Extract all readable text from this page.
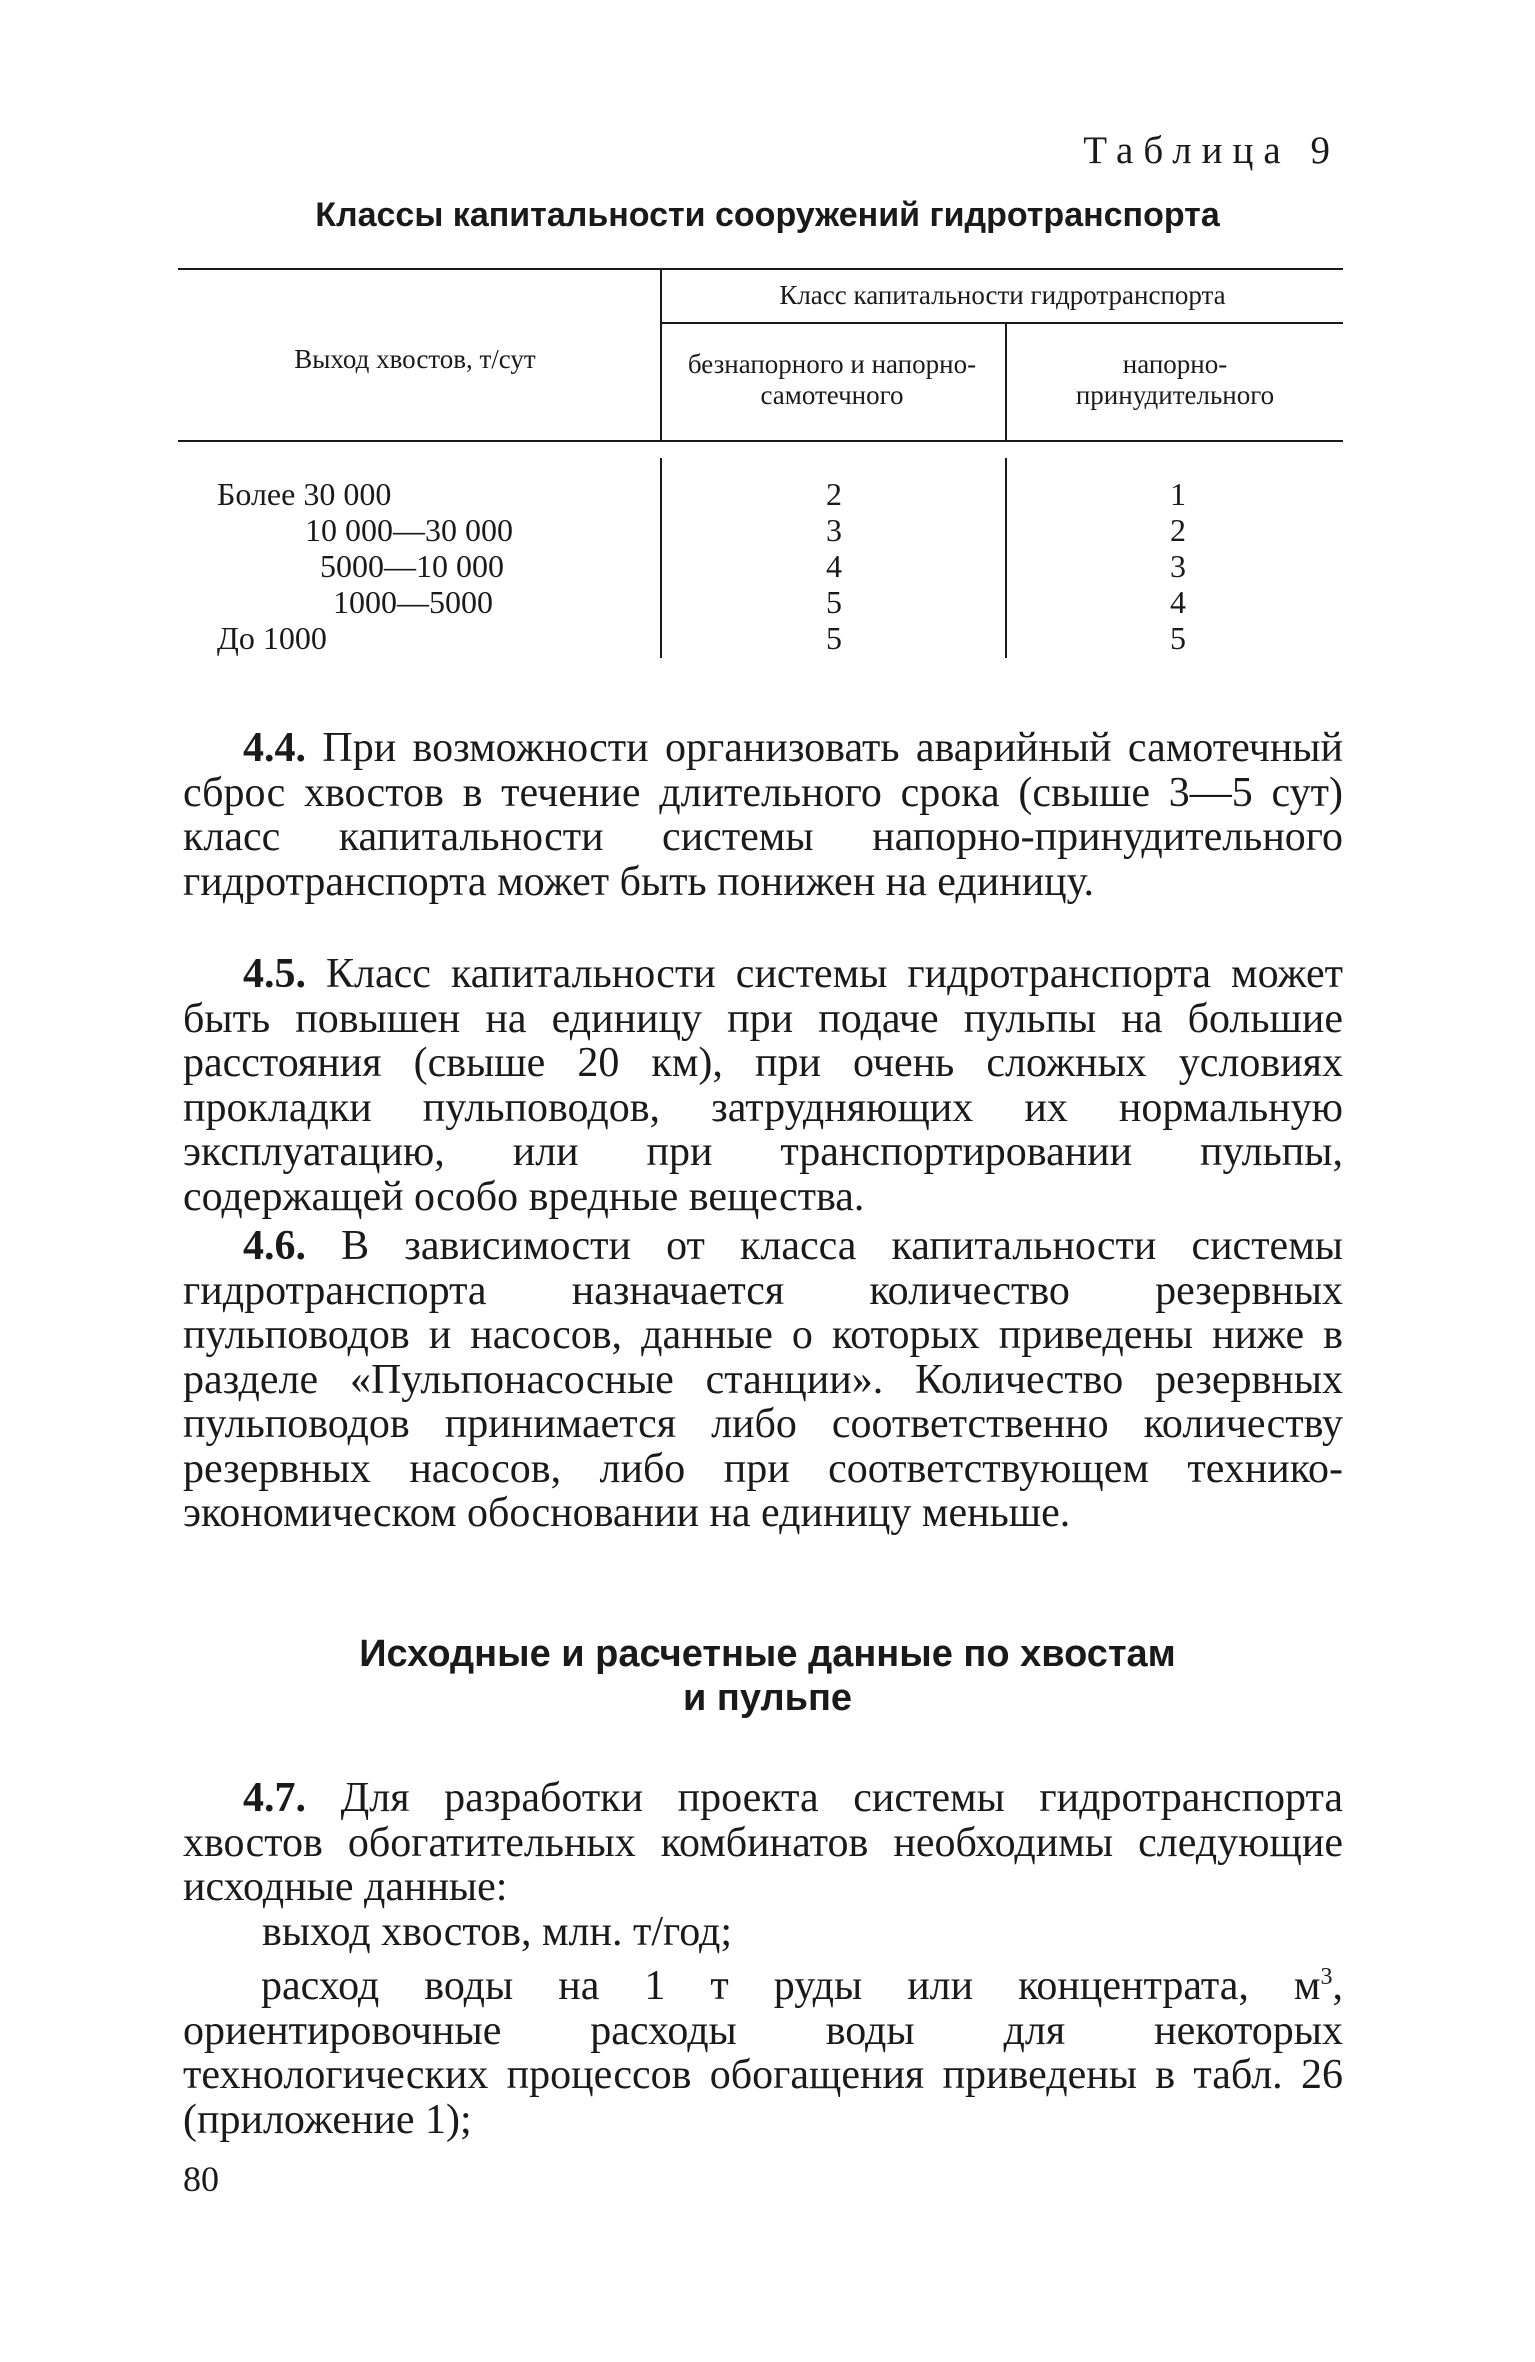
Таблица 9
Классы капитальности сооружений гидротранспорта
Выход хвостов, т/сут
Класс капитальности гидротранспорта
безнапорного и напорно-самотечного
напорно-принудительного
Более 30 000
10 000—30 000
5000—10 000
1000—5000
До 1000
2
3
4
5
5
1
2
3
4
5
4.4. При возможности организовать аварийный самотечный сброс хвостов в течение длительного срока (свыше 3—5 сут) класс капитальности системы напорно-принудительного гидротранспорта может быть понижен на единицу.
4.5. Класс капитальности системы гидротранспорта может быть повышен на единицу при подаче пульпы на большие расстояния (свыше 20 км), при очень сложных условиях прокладки пульповодов, затрудняющих их нормальную эксплуатацию, или при транспортировании пульпы, содержащей особо вредные вещества.
4.6. В зависимости от класса капитальности системы гидротранспорта назначается количество резервных пульповодов и насосов, данные о которых приведены ниже в разделе «Пульпонасосные станции». Количество резервных пульповодов принимается либо соответственно количеству резервных насосов, либо при соответствующем технико-экономическом обосновании на единицу меньше.
Исходные и расчетные данные по хвостам
и пульпе
4.7. Для разработки проекта системы гидротранспорта хвостов обогатительных комбинатов необходимы следующие исходные данные:
выход хвостов, млн. т/год;
расход воды на 1 т руды или концентрата, $м^3$, ориентировочные расходы воды для некоторых технологических процессов обогащения приведены в табл. 26 (приложение 1);
80
